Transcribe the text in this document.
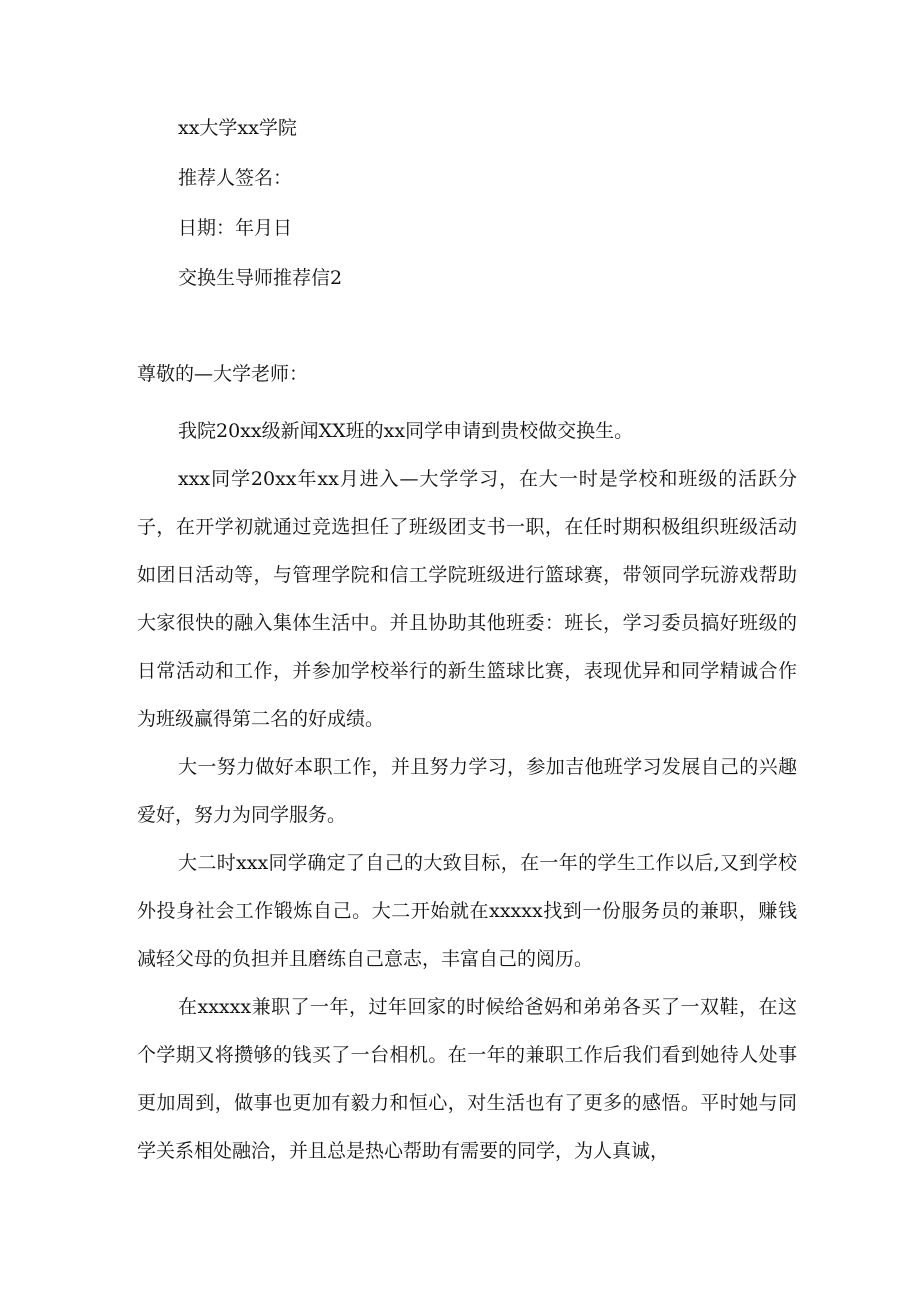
xx大学xx学院
推荐人签名：
日期：年月日
交换生导师推荐信2
尊敬的—大学老师：

我院20xx级新闻XX班的xx同学申请到贵校做交换生。

xxx同学20xx年xx月进入—大学学习，在大一时是学校和班级的活跃分子，在开学初就通过竞选担任了班级团支书一职，在任时期积极组织班级活动如团日活动等，与管理学院和信工学院班级进行篮球赛，带领同学玩游戏帮助大家很快的融入集体生活中。并且协助其他班委：班长，学习委员搞好班级的日常活动和工作，并参加学校举行的新生篮球比赛，表现优异和同学精诚合作为班级赢得第二名的好成绩。

大一努力做好本职工作，并且努力学习，参加吉他班学习发展自己的兴趣爱好，努力为同学服务。

大二时xxx同学确定了自己的大致目标，在一年的学生工作以后,又到学校外投身社会工作锻炼自己。大二开始就在xxxxx找到一份服务员的兼职，赚钱减轻父母的负担并且磨练自己意志，丰富自己的阅历。

在xxxxx兼职了一年，过年回家的时候给爸妈和弟弟各买了一双鞋，在这个学期又将攒够的钱买了一台相机。在一年的兼职工作后我们看到她待人处事更加周到，做事也更加有毅力和恒心，对生活也有了更多的感悟。平时她与同学关系相处融洽，并且总是热心帮助有需要的同学，为人真诚，
